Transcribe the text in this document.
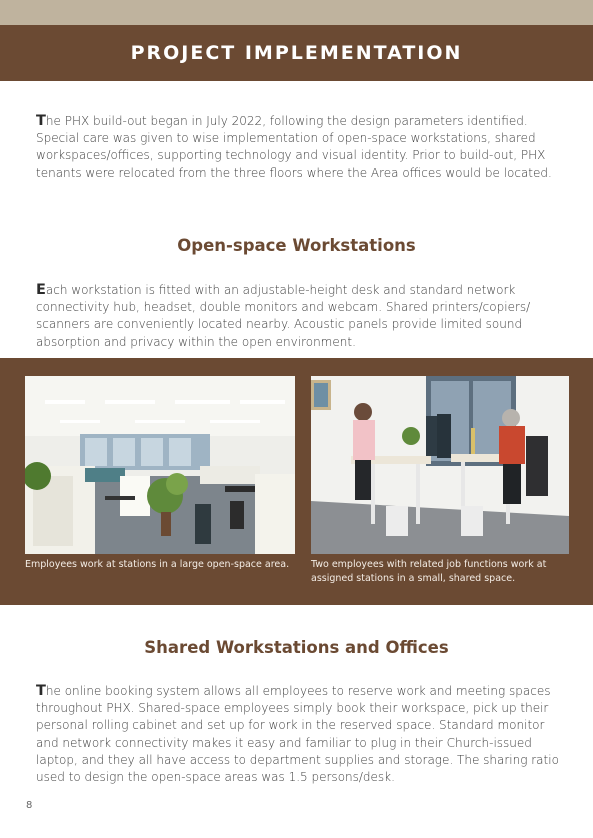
PROJECT IMPLEMENTATION

The PHX build-out began in July 2022, following the design parameters identified. Special care was given to wise implementation of open-space workstations, shared workspaces/offices, supporting technology and visual identity. Prior to build-out, PHX tenants were relocated from the three floors where the Area offices would be located.

Open-space Workstations

Each workstation is fitted with an adjustable-height desk and standard network connectivity hub, headset, double monitors and webcam. Shared printers/copiers/ scanners are conveniently located nearby. Acoustic panels provide limited sound absorption and privacy within the open environment.

Employees work at stations in a large open-space area.	Two employees with related job functions work at assigned stations in a small, shared space.

Shared Workstations and Offices

The online booking system allows all employees to reserve work and meeting spaces throughout PHX. Shared-space employees simply book their workspace, pick up their personal rolling cabinet and set up for work in the reserved space. Standard monitor and network connectivity makes it easy and familiar to plug in their Church-issued laptop, and they all have access to department supplies and storage. The sharing ratio used to design the open-space areas was 1.5 persons/desk.

8
